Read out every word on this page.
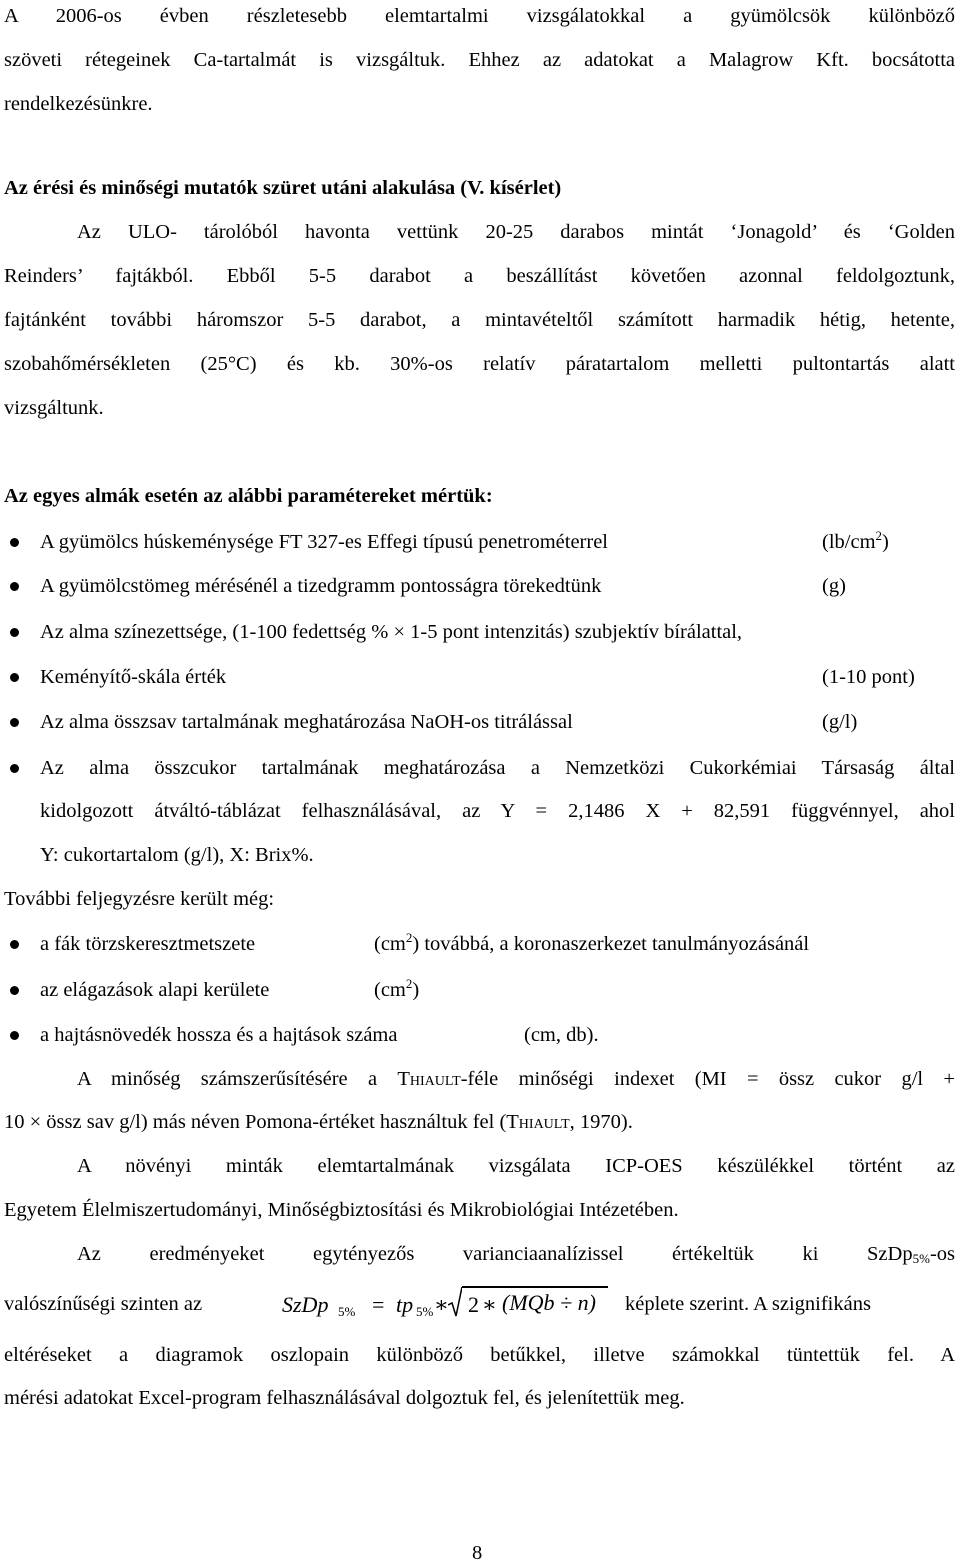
A 2006-os évben részletesebb elemtartalmi vizsgálatokkal a gyümölcsök különböző
szöveti rétegeinek Ca-tartalmát is vizsgáltuk. Ehhez az adatokat a Malagrow Kft. bocsátotta
rendelkezésünkre.
Az érési és minőségi mutatók szüret utáni alakulása (V. kísérlet)
Az ULO- tárolóból havonta vettünk 20-25 darabos mintát ‘Jonagold’ és ‘Golden
Reinders’ fajtákból. Ebből 5-5 darabot a beszállítást követően azonnal feldolgoztunk,
fajtánként további háromszor 5-5 darabot, a mintavételtől számított harmadik hétig, hetente,
szobahőmérsékleten (25°C) és kb. 30%-os relatív páratartalom melletti pultontartás alatt
vizsgáltunk.
Az egyes almák esetén az alábbi paramétereket mértük:
A gyümölcs húskeménysége FT 327-es Effegi típusú penetrométerrel	$(lb/cm^2)$
A gyümölcstömeg mérésénél a tizedgramm pontosságra törekedtünk	(g)
Az alma színezettsége, (1-100 fedettség % × 1-5 pont intenzitás) szubjektív bírálattal,
Keményítő-skála érték	(1-10 pont)
Az alma összsav tartalmának meghatározása NaOH-os titrálással	(g/l)
Az alma összcukor tartalmának meghatározása a Nemzetközi Cukorkémiai Társaság által
kidolgozott átváltó-táblázat felhasználásával, az Y = 2,1486 X + 82,591 függvénnyel, ahol
Y: cukortartalom (g/l), X: Brix%.
További feljegyzésre került még:
a fák törzskeresztmetszete	$(cm^2)$ továbbá, a koronaszerkezet tanulmányozásánál
az elágazások alapi kerülete	$(cm^2)$
a hajtásnövedék hossza és a hajtások száma	(cm, db).
A minőség számszerűsítésére a Thiault-féle minőségi indexet (MI = össz cukor g/l +
10 × össz sav g/l) más néven Pomona-értéket használtuk fel (Thiault, 1970).
A növényi minták elemtartalmának vizsgálata ICP-OES készülékkel történt az
Egyetem Élelmiszertudományi, Minőségbiztosítási és Mikrobiológiai Intézetében.
Az eredményeket egytényezős varianciaanalízissel értékeltük ki SzDp$_{5\%}$-os
valószínűségi szinten az	SzDp 5% = tp 5% ∗ 2 ∗ (MQb ÷ n) képlete szerint. A szignifikáns
eltéréseket a diagramok oszlopain különböző betűkkel, illetve számokkal tüntettük fel. A
mérési adatokat Excel-program felhasználásával dolgoztuk fel, és jelenítettük meg.
8
